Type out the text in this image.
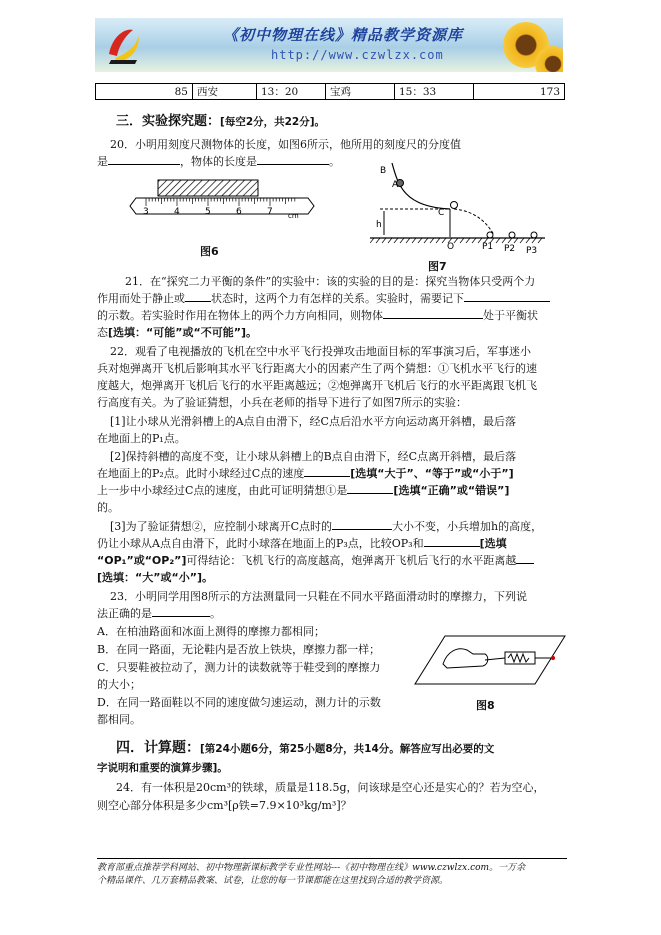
《初中物理在线》精品教学资源库
http://www.czwlzx.com
85	西安	13：20	宝鸡	15：33	173
三．实验探究题：[每空2分，共22分]。
20．小明用刻度尺测物体的长度，如图6所示，他所用的刻度尺的分度值
是	，物体的长度是	。
3	4	5	6	7 cm
图6
B
A
C
h
O	P1 P2 P3
图7
21．在“探究二力平衡的条件”的实验中：该的实验的目的是：探究当物体只受两个力
作用而处于静止或 状态时，这两个力有怎样的关系。实验时，需要记下
的示数。若实验时作用在物体上的两个力方向相同，则物体	处于平衡状
态[选填：“可能”或“不可能”]。
22．观看了电视播放的飞机在空中水平飞行投弹攻击地面目标的军事演习后，军事迷小
兵对炮弹离开飞机后影响其水平飞行距离大小的因素产生了两个猜想：①飞机水平飞行的速
度越大，炮弹离开飞机后飞行的水平距离越远；②炮弹离开飞机后飞行的水平距离跟飞机飞
行高度有关。为了验证猜想，小兵在老师的指导下进行了如图7所示的实验：
[1]让小球从光滑斜槽上的A点自由滑下，经C点后沿水平方向运动离开斜槽，最后落
在地面上的P₁点。
[2]保持斜槽的高度不变，让小球从斜槽上的B点自由滑下，经C点离开斜槽，最后落
在地面上的P₂点。此时小球经过C点的速度	[选填“大于”、“等于”或“小于”]
上一步中小球经过C点的速度，由此可证明猜想①是	[选填“正确”或“错误”]
的。
[3]为了验证猜想②，应控制小球离开C点时的	大小不变，小兵增加h的高度，
仍让小球从A点自由滑下，此时小球落在地面上的P₃点，比较OP₃和	[选填
“OP₁”或“OP₂”]可得结论：飞机飞行的高度越高，炮弹离开飞机后飞行的水平距离越
[选填：“大”或“小”]。
23．小明同学用图8所示的方法测量同一只鞋在不同水平路面滑动时的摩擦力，下列说
法正确的是	。
A．在柏油路面和冰面上测得的摩擦力都相同；
B．在同一路面，无论鞋内是否放上铁块，摩擦力都一样；
C．只要鞋被拉动了，测力计的读数就等于鞋受到的摩擦力
的大小；
D．在同一路面鞋以不同的速度做匀速运动，测力计的示数
都相同。
图8
四．计算题：[第24小题6分，第25小题8分，共14分。解答应写出必要的文
字说明和重要的演算步骤]。
24．有一体积是20cm³的铁球，质量是118.5g，问该球是空心还是实心的？若为空心，
则空心部分体积是多少cm³[ρ铁=7.9×10³kg/m³]？
教育部重点推荐学科网站、初中物理新课标教学专业性网站---《初中物理在线》www.czwlzx.com。一万余
个精品课件、几万套精品教案、试卷，让您的每一节课都能在这里找到合适的教学资源。
